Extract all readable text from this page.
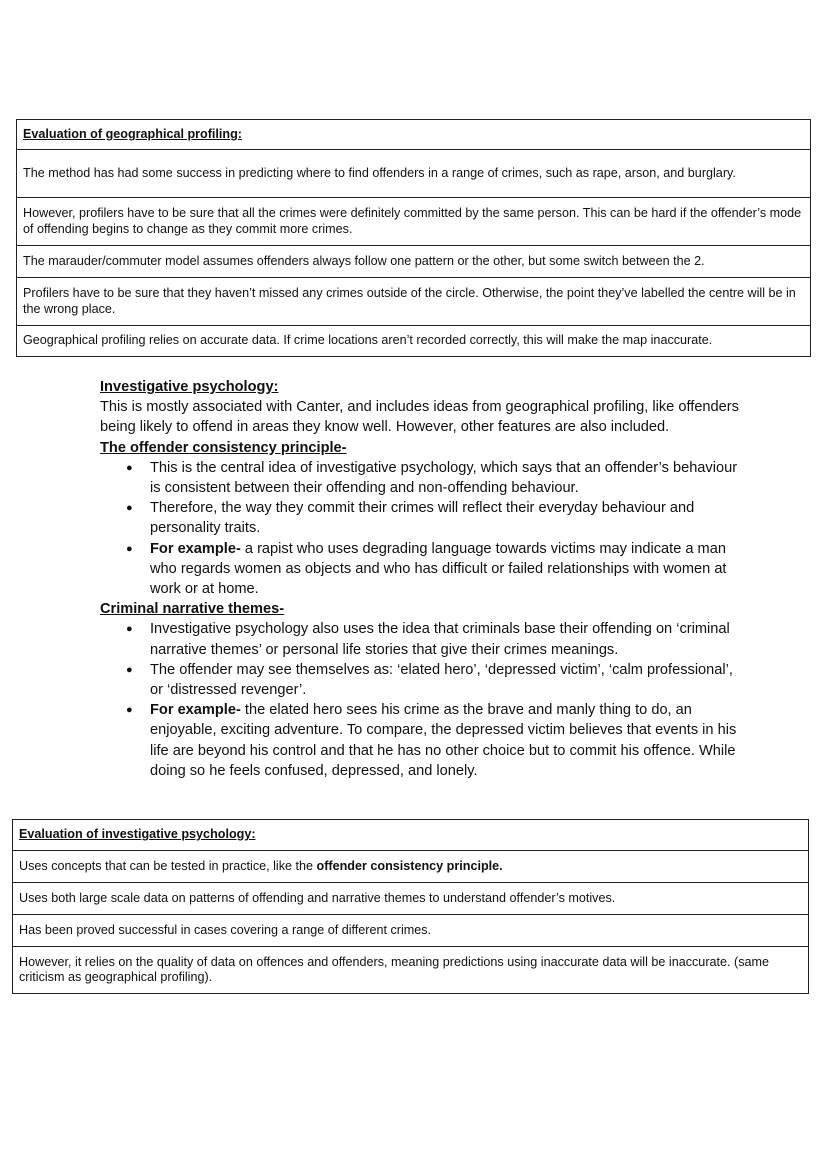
Evaluation of geographical profiling:
The method has had some success in predicting where to find offenders in a range of crimes, such as rape, arson, and burglary.
However, profilers have to be sure that all the crimes were definitely committed by the same person. This can be hard if the offender’s mode of offending begins to change as they commit more crimes.
The marauder/commuter model assumes offenders always follow one pattern or the other, but some switch between the 2.
Profilers have to be sure that they haven’t missed any crimes outside of the circle. Otherwise, the point they’ve labelled the centre will be in the wrong place.
Geographical profiling relies on accurate data. If crime locations aren’t recorded correctly, this will make the map inaccurate.

Investigative psychology:

This is mostly associated with Canter, and includes ideas from geographical profiling, like offenders being likely to offend in areas they know well. However, other features are also included.

The offender consistency principle-

● This is the central idea of investigative psychology, which says that an offender’s behaviour is consistent between their offending and non-offending behaviour.
● Therefore, the way they commit their crimes will reflect their everyday behaviour and personality traits.
● For example- a rapist who uses degrading language towards victims may indicate a man who regards women as objects and who has difficult or failed relationships with women at work or at home.

Criminal narrative themes-

● Investigative psychology also uses the idea that criminals base their offending on ‘criminal narrative themes’ or personal life stories that give their crimes meanings.
● The offender may see themselves as: ‘elated hero’, ‘depressed victim’, ‘calm professional’, or ‘distressed revenger’.
● For example- the elated hero sees his crime as the brave and manly thing to do, an enjoyable, exciting adventure. To compare, the depressed victim believes that events in his life are beyond his control and that he has no other choice but to commit his offence. While doing so he feels confused, depressed, and lonely.
Evaluation of investigative psychology:
Uses concepts that can be tested in practice, like the offender consistency principle.
Uses both large scale data on patterns of offending and narrative themes to understand offender’s motives.
Has been proved successful in cases covering a range of different crimes.
However, it relies on the quality of data on offences and offenders, meaning predictions using inaccurate data will be inaccurate. (same criticism as geographical profiling).
